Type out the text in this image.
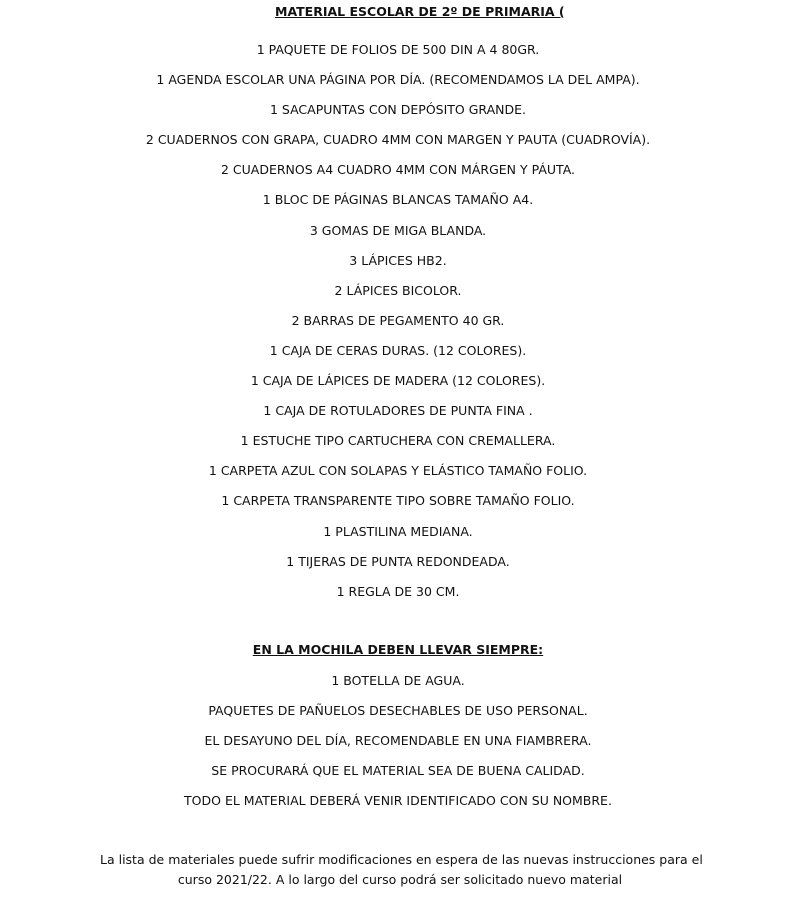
MATERIAL ESCOLAR DE 2º DE PRIMARIA (
1 PAQUETE DE FOLIOS DE 500 DIN A 4 80GR.
1 AGENDA ESCOLAR UNA PÁGINA POR DÍA. (RECOMENDAMOS LA DEL AMPA).
1 SACAPUNTAS CON DEPÓSITO GRANDE.
2 CUADERNOS CON GRAPA, CUADRO 4MM CON MARGEN Y PAUTA (CUADROVÍA).
2 CUADERNOS A4 CUADRO 4MM CON MÁRGEN Y PÁUTA.
1 BLOC DE PÁGINAS BLANCAS TAMAÑO A4.
3 GOMAS DE MIGA BLANDA.
3 LÁPICES HB2.
2 LÁPICES BICOLOR.
2 BARRAS DE PEGAMENTO 40 GR.
1 CAJA DE CERAS DURAS. (12 COLORES).
1 CAJA DE LÁPICES DE MADERA (12 COLORES).
1 CAJA DE ROTULADORES DE PUNTA FINA .
1 ESTUCHE TIPO CARTUCHERA CON CREMALLERA.
1 CARPETA AZUL CON SOLAPAS Y ELÁSTICO TAMAÑO FOLIO.
1 CARPETA TRANSPARENTE TIPO SOBRE TAMAÑO FOLIO.
1 PLASTILINA MEDIANA.
1 TIJERAS DE PUNTA REDONDEADA.
1 REGLA DE 30 CM.
EN LA MOCHILA DEBEN LLEVAR SIEMPRE:
1 BOTELLA DE AGUA.
PAQUETES DE PAÑUELOS DESECHABLES DE USO PERSONAL.
EL DESAYUNO DEL DÍA, RECOMENDABLE EN UNA FIAMBRERA.
SE PROCURARÁ QUE EL MATERIAL SEA DE BUENA CALIDAD.
TODO EL MATERIAL DEBERÁ VENIR IDENTIFICADO CON SU NOMBRE.
La lista de materiales puede sufrir modificaciones en espera de las nuevas instrucciones para el
curso 2021/22. A lo largo del curso podrá ser solicitado nuevo material
